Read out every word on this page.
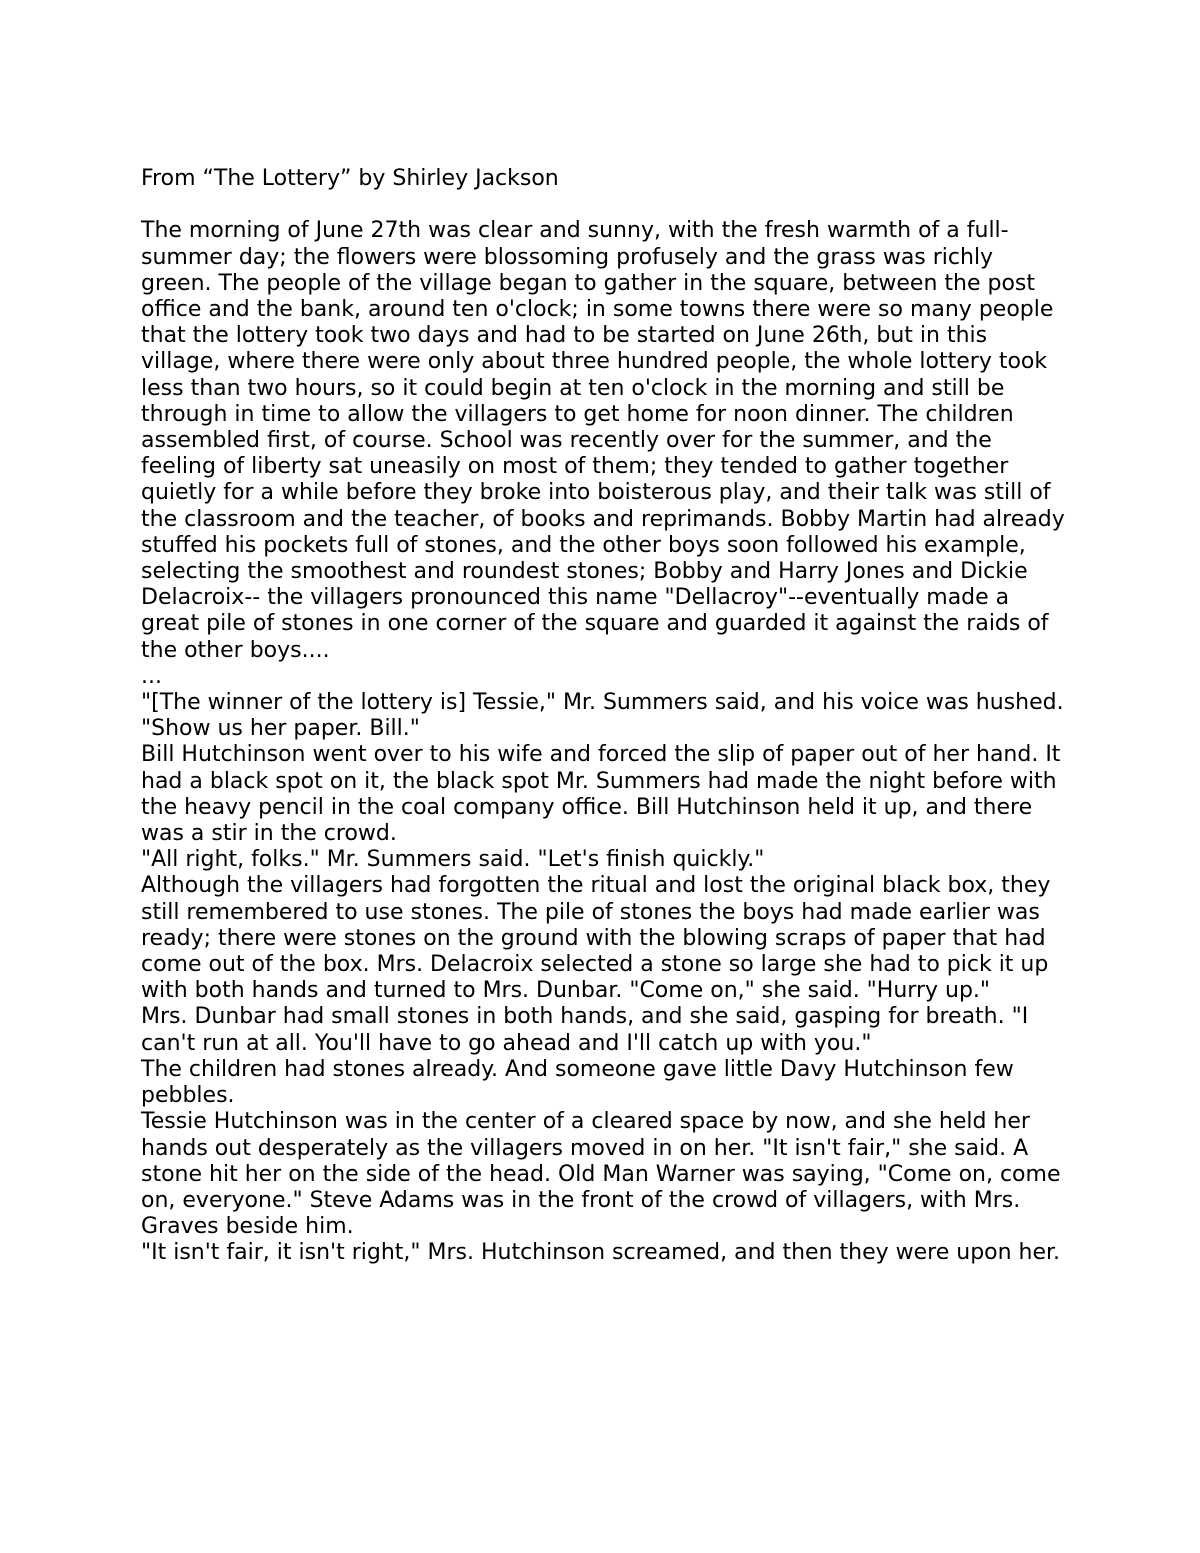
From “The Lottery” by Shirley Jackson

The morning of June 27th was clear and sunny, with the fresh warmth of a full-summer day; the flowers were blossoming profusely and the grass was richly green. The people of the village began to gather in the square, between the post office and the bank, around ten o'clock; in some towns there were so many people that the lottery took two days and had to be started on June 26th, but in this village, where there were only about three hundred people, the whole lottery took less than two hours, so it could begin at ten o'clock in the morning and still be through in time to allow the villagers to get home for noon dinner. The children assembled first, of course. School was recently over for the summer, and the feeling of liberty sat uneasily on most of them; they tended to gather together quietly for a while before they broke into boisterous play, and their talk was still of the classroom and the teacher, of books and reprimands. Bobby Martin had already stuffed his pockets full of stones, and the other boys soon followed his example, selecting the smoothest and roundest stones; Bobby and Harry Jones and Dickie Delacroix-- the villagers pronounced this name "Dellacroy"--eventually made a great pile of stones in one corner of the square and guarded it against the raids of the other boys....

...

"[The winner of the lottery is] Tessie," Mr. Summers said, and his voice was hushed. "Show us her paper. Bill."

Bill Hutchinson went over to his wife and forced the slip of paper out of her hand. It had a black spot on it, the black spot Mr. Summers had made the night before with the heavy pencil in the coal company office. Bill Hutchinson held it up, and there was a stir in the crowd.

"All right, folks." Mr. Summers said. "Let's finish quickly."

Although the villagers had forgotten the ritual and lost the original black box, they still remembered to use stones. The pile of stones the boys had made earlier was ready; there were stones on the ground with the blowing scraps of paper that had come out of the box. Mrs. Delacroix selected a stone so large she had to pick it up with both hands and turned to Mrs. Dunbar. "Come on," she said. "Hurry up."

Mrs. Dunbar had small stones in both hands, and she said, gasping for breath. "I can't run at all. You'll have to go ahead and I'll catch up with you."

The children had stones already. And someone gave little Davy Hutchinson few pebbles.

Tessie Hutchinson was in the center of a cleared space by now, and she held her hands out desperately as the villagers moved in on her. "It isn't fair," she said. A stone hit her on the side of the head. Old Man Warner was saying, "Come on, come on, everyone." Steve Adams was in the front of the crowd of villagers, with Mrs. Graves beside him.

"It isn't fair, it isn't right," Mrs. Hutchinson screamed, and then they were upon her.
